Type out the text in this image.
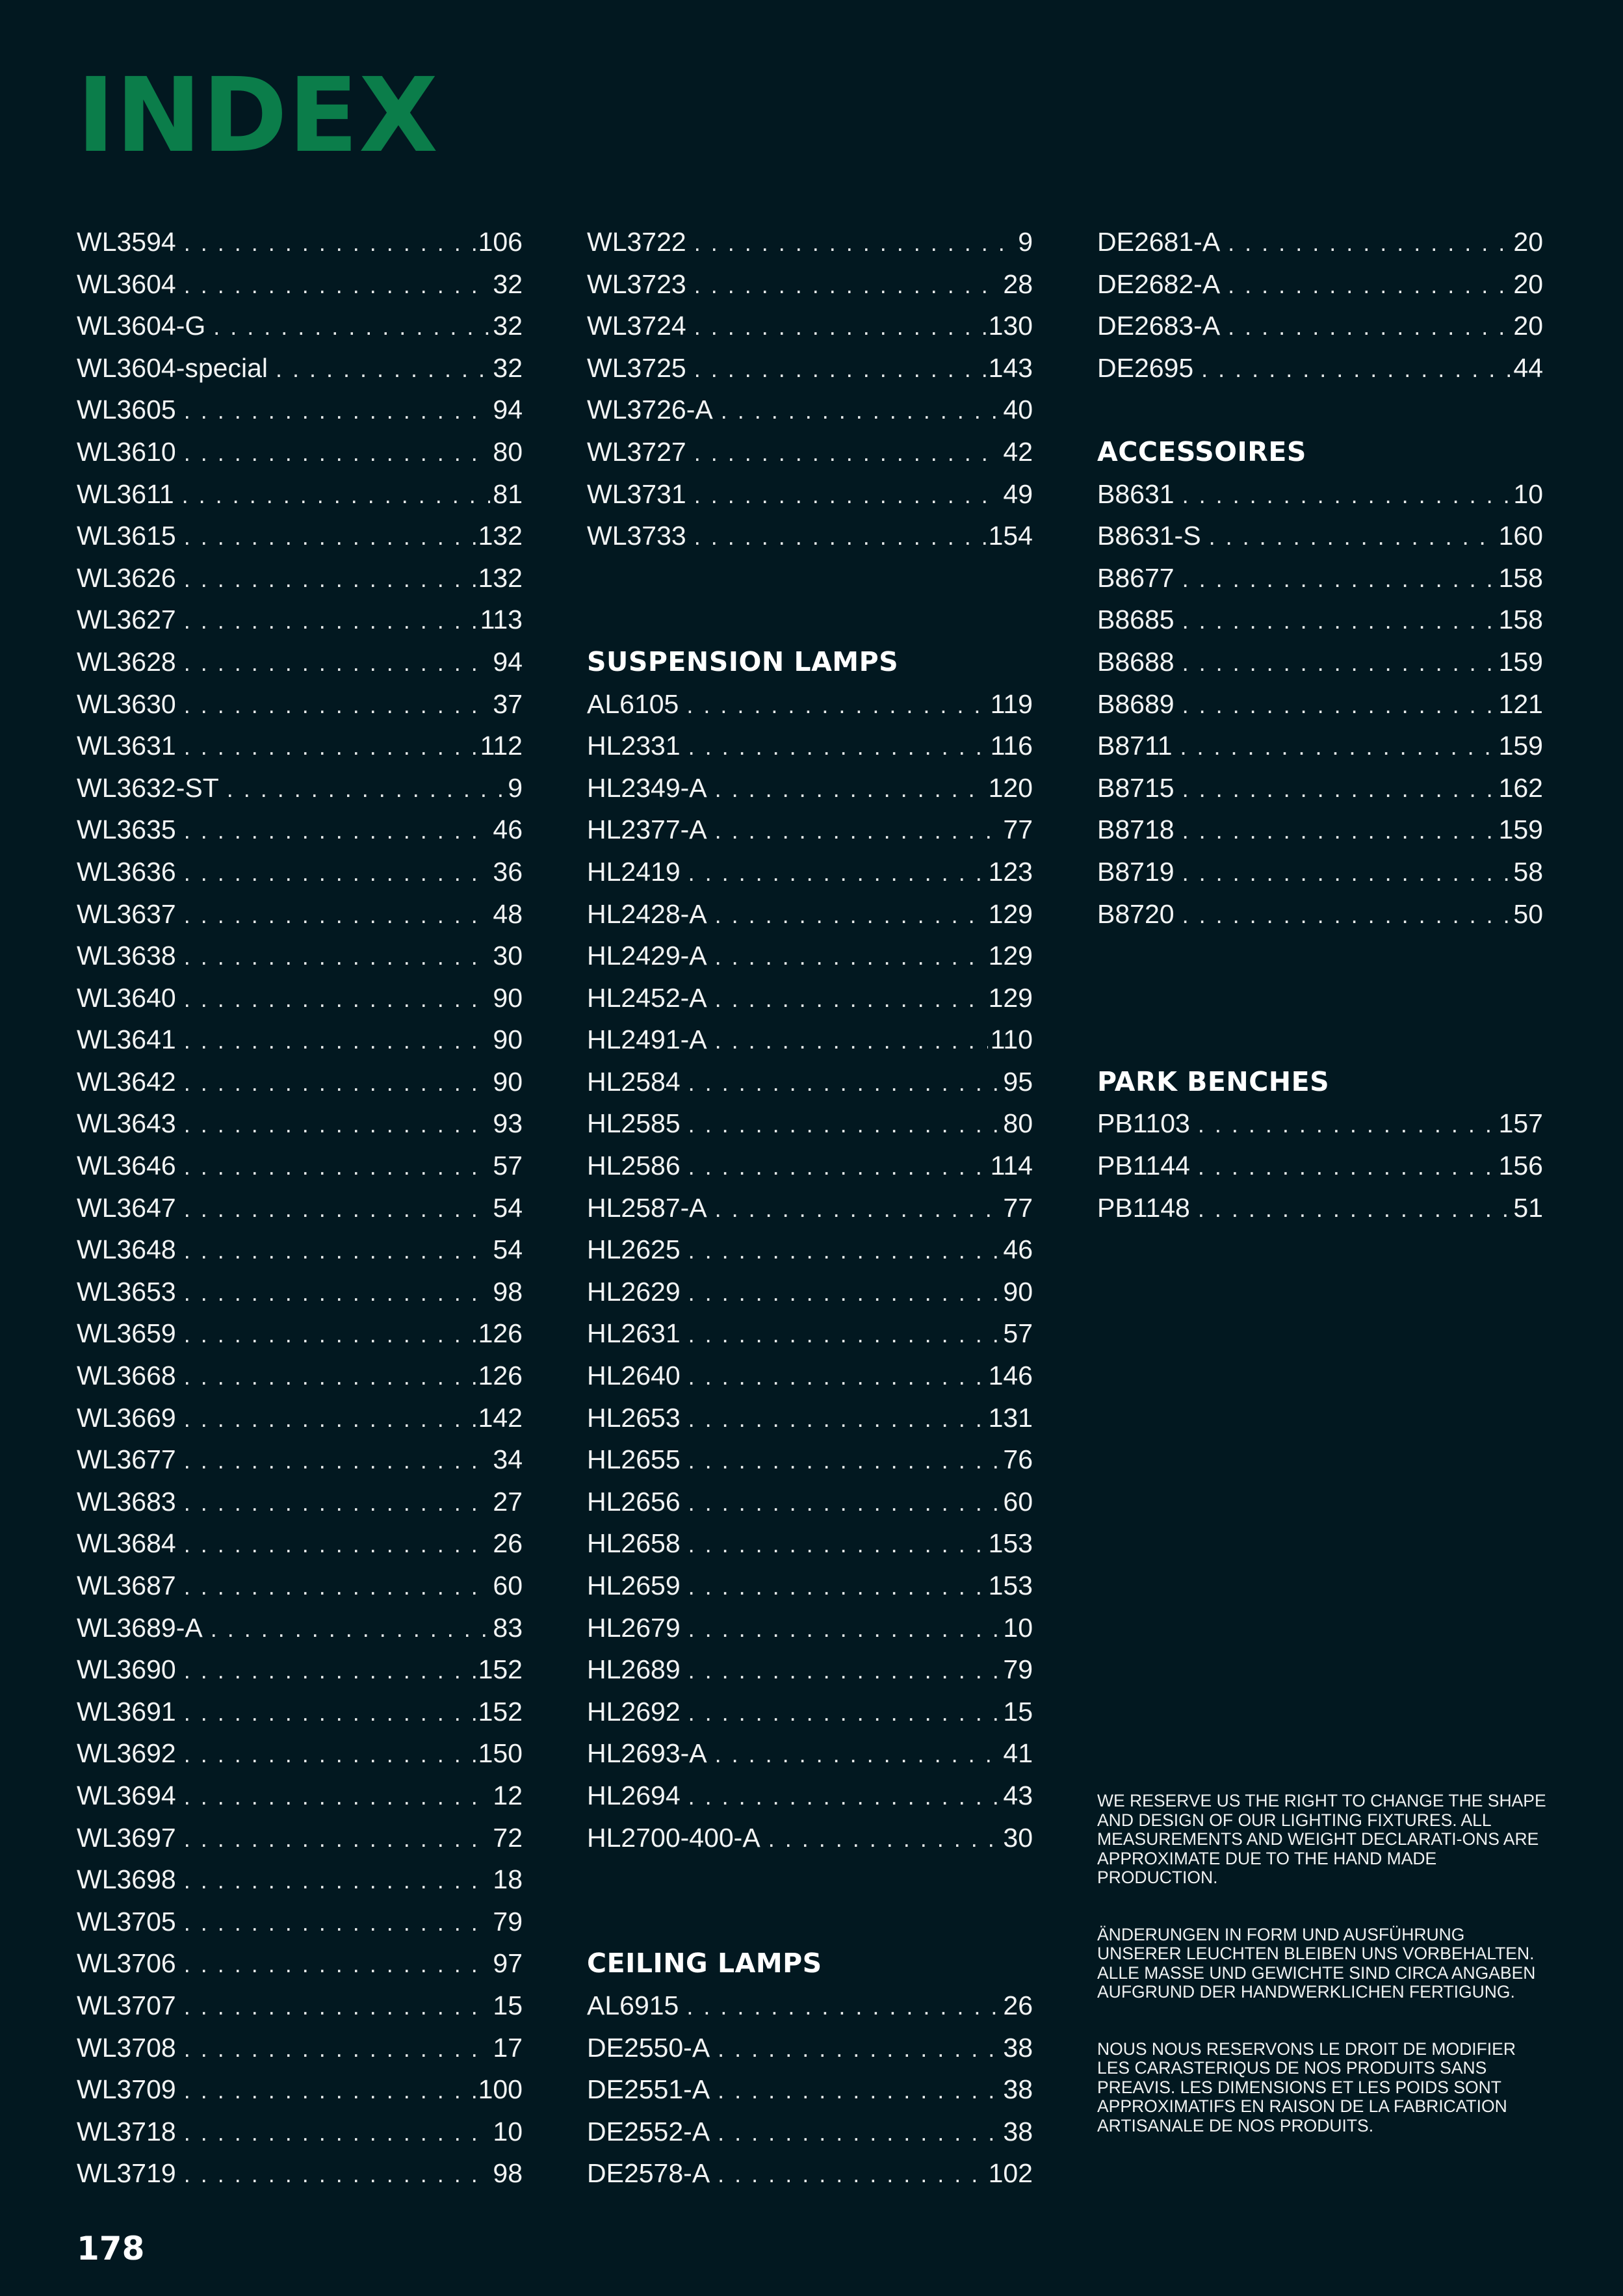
INDEX
WL3594 . . .	106
WL3604 . . .	32
WL3604-G . . .	32
WL3604-special . . .	32
WL3605 . . .	94
WL3610 . . .	80
WL3611 . . .	81
WL3615 . . .	132
WL3626 . . .	132
WL3627 . . .	113
WL3628 . . .	94
WL3630 . . .	37
WL3631 . . .	112
WL3632-ST . . .	9
WL3635 . . .	46
WL3636 . . .	36
WL3637 . . .	48
WL3638 . . .	30
WL3640 . . .	90
WL3641 . . .	90
WL3642 . . .	90
WL3643 . . .	93
WL3646 . . .	57
WL3647 . . .	54
WL3648 . . .	54
WL3653 . . .	98
WL3659 . . .	126
WL3668 . . .	126
WL3669 . . .	142
WL3677 . . .	34
WL3683 . . .	27
WL3684 . . .	26
WL3687 . . .	60
WL3689-A . . .	83
WL3690 . . .	152
WL3691 . . .	152
WL3692 . . .	150
WL3694 . . .	12
WL3697 . . .	72
WL3698 . . .	18
WL3705 . . .	79
WL3706 . . .	97
WL3707 . . .	15
WL3708 . . .	17
WL3709 . . .	100
WL3718 . . .	10
WL3719 . . .	98
WL3722 . . .	9
WL3723 . . .	28
WL3724 . . .	130
WL3725 . . .	143
WL3726-A . . .	40
WL3727 . . .	42
WL3731 . . .	49
WL3733 . . .	154
SUSPENSION LAMPS
AL6105 . . .	119
HL2331 . . .	116
HL2349-A . . .	120
HL2377-A . . .	77
HL2419 . . .	123
HL2428-A . . .	129
HL2429-A . . .	129
HL2452-A . . .	129
HL2491-A . . .	110
HL2584 . . .	95
HL2585 . . .	80
HL2586 . . .	114
HL2587-A . . .	77
HL2625 . . .	46
HL2629 . . .	90
HL2631 . . .	57
HL2640 . . .	146
HL2653 . . .	131
HL2655 . . .	76
HL2656 . . .	60
HL2658 . . .	153
HL2659 . . .	153
HL2679 . . .	10
HL2689 . . .	79
HL2692 . . .	15
HL2693-A . . .	41
HL2694 . . .	43
HL2700-400-A . . .	30
CEILING LAMPS
AL6915 . . .	26
DE2550-A . . .	38
DE2551-A . . .	38
DE2552-A . . .	38
DE2578-A . . .	102
DE2681-A . . .	20
DE2682-A . . .	20
DE2683-A . . .	20
DE2695 . . .	44
ACCESSOIRES
B8631 . . .	10
B8631-S . . .	160
B8677 . . .	158
B8685 . . .	158
B8688 . . .	159
B8689 . . .	121
B8711 . . .	159
B8715 . . .	162
B8718 . . .	159
B8719 . . .	58
B8720 . . .	50
PARK BENCHES
PB1103 . . .	157
PB1144 . . .	156
PB1148 . . .	51

WE RESERVE US THE RIGHT TO CHANGE THE SHAPE AND DESIGN OF OUR LIGHTING FIXTURES. ALL MEASUREMENTS AND WEIGHT DECLARATI-ONS ARE APPROXIMATE DUE TO THE HAND MADE PRODUCTION.

ÄNDERUNGEN IN FORM UND AUSFÜHRUNG UNSERER LEUCHTEN BLEIBEN UNS VORBEHALTEN. ALLE MASSE UND GEWICHTE SIND CIRCA ANGABEN AUFGRUND DER HANDWERKLICHEN FERTIGUNG.

NOUS NOUS RESERVONS LE DROIT DE MODIFIER LES CARASTERIQUS DE NOS PRODUITS SANS PREAVIS. LES DIMENSIONS ET LES POIDS SONT APPROXIMATIFS EN RAISON DE LA FABRICATION ARTISANALE DE NOS PRODUITS.

178
